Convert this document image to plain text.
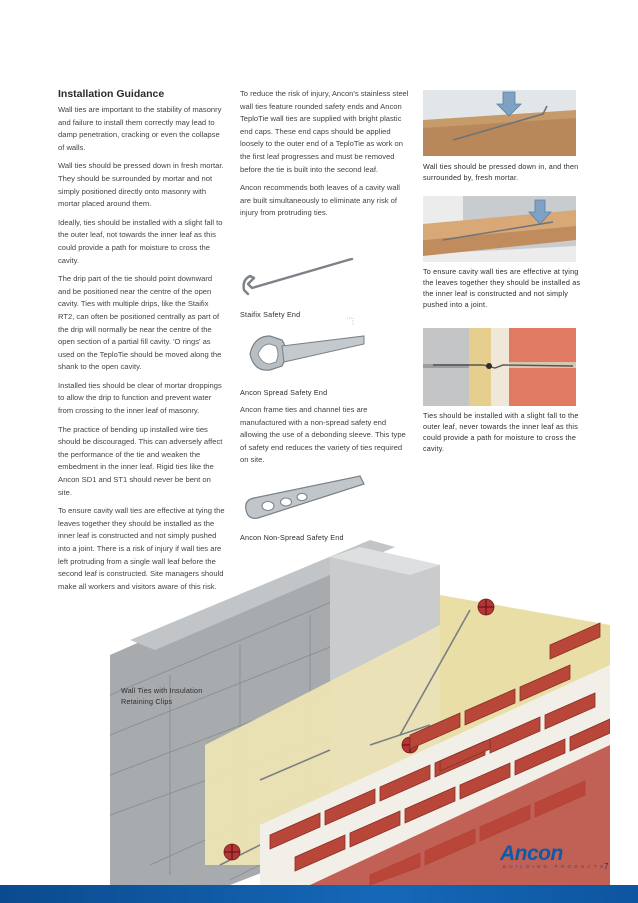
Installation Guidance

Wall ties are important to the stability of masonry and failure to install them correctly may lead to damp penetration, cracking or even the collapse of walls.

Wall ties should be pressed down in fresh mortar. They should be surrounded by mortar and not simply positioned directly onto masonry with mortar placed around them.

Ideally, ties should be installed with a slight fall to the outer leaf, not towards the inner leaf as this could provide a path for moisture to cross the cavity.

The drip part of the tie should point downward and be positioned near the centre of the open cavity. Ties with multiple drips, like the Staifix RT2, can often be positioned centrally as part of the drip will normally be near the centre of the open section of a partial fill cavity. 'O rings' as used on the TeploTie should be moved along the shank to the open cavity.

Installed ties should be clear of mortar droppings to allow the drip to function and prevent water from crossing to the inner leaf of masonry.

The practice of bending up installed wire ties should be discouraged. This can adversely affect the performance of the tie and weaken the embedment in the inner leaf. Rigid ties like the Ancon SD1 and ST1 should never be bent on site.

To ensure cavity wall ties are effective at tying the leaves together they should be installed as the inner leaf is constructed and not simply pushed into a joint. There is a risk of injury if wall ties are left protruding from a single wall leaf before the second leaf is constructed. Site managers should make all workers and visitors aware of this risk.

To reduce the risk of injury, Ancon's stainless steel wall ties feature rounded safety ends and Ancon TeploTie wall ties are supplied with bright plastic end caps. These end caps should be applied loosely to the outer end of a TeploTie as work on the first leaf progresses and must be removed before the tie is built into the second leaf.

Ancon recommends both leaves of a cavity wall are built simultaneously to eliminate any risk of injury from protruding ties.

Staifix Safety End
Ancon Spread Safety End
Ancon frame ties and channel ties are manufactured with a non-spread safety end allowing the use of a debonding sleeve. This type of safety end reduces the variety of ties required on site.
Ancon Non-Spread Safety End
Wall ties should be pressed down in, and then surrounded by, fresh mortar.
To ensure cavity wall ties are effective at tying the leaves together they should be installed as the inner leaf is constructed and not simply pushed into a joint.
Ties should be installed with a slight fall to the outer leaf, never towards the inner leaf as this could provide a path for moisture to cross the cavity.
Wall Ties with Insulation Retaining Clips
Ancon
BUILDING PRODUCTS
7
